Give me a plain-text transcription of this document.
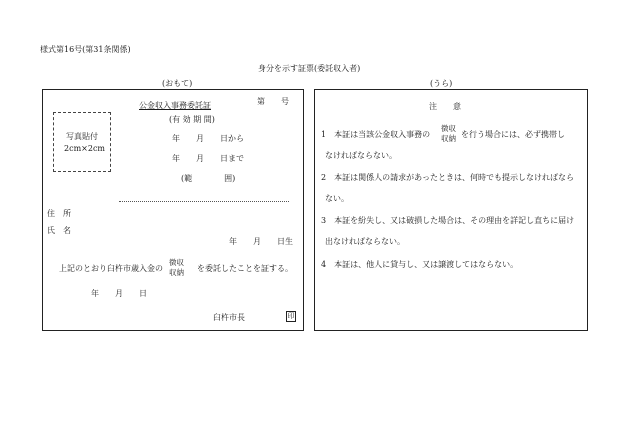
様式第16号(第31条関係)
身分を示す証票(委託収入者)
(おもて)	(うら)
第　　号
公金収入事務委託証
(有 効 期 間)
年　　月　　日から
年　　月　　日まで
(範　　　　囲)
写真貼付
2cm×2cm
住　所
氏　名
年　　月　　日生
上記のとおり臼杵市歳入金の
徴収
収納 を委託したことを証する。
年　　月　　日
臼杵市長	印
注　　意
1　本証は当該公金収入事務の
徴収
収納 を行う場合には、必ず携帯し
なければならない。
2　本証は関係人の請求があったときは、何時でも提示しなければなら
ない。
3　本証を紛失し、又は破損した場合は、その理由を詳記し直ちに届け
出なければならない。
4　本証は、他人に貸与し、又は譲渡してはならない。
